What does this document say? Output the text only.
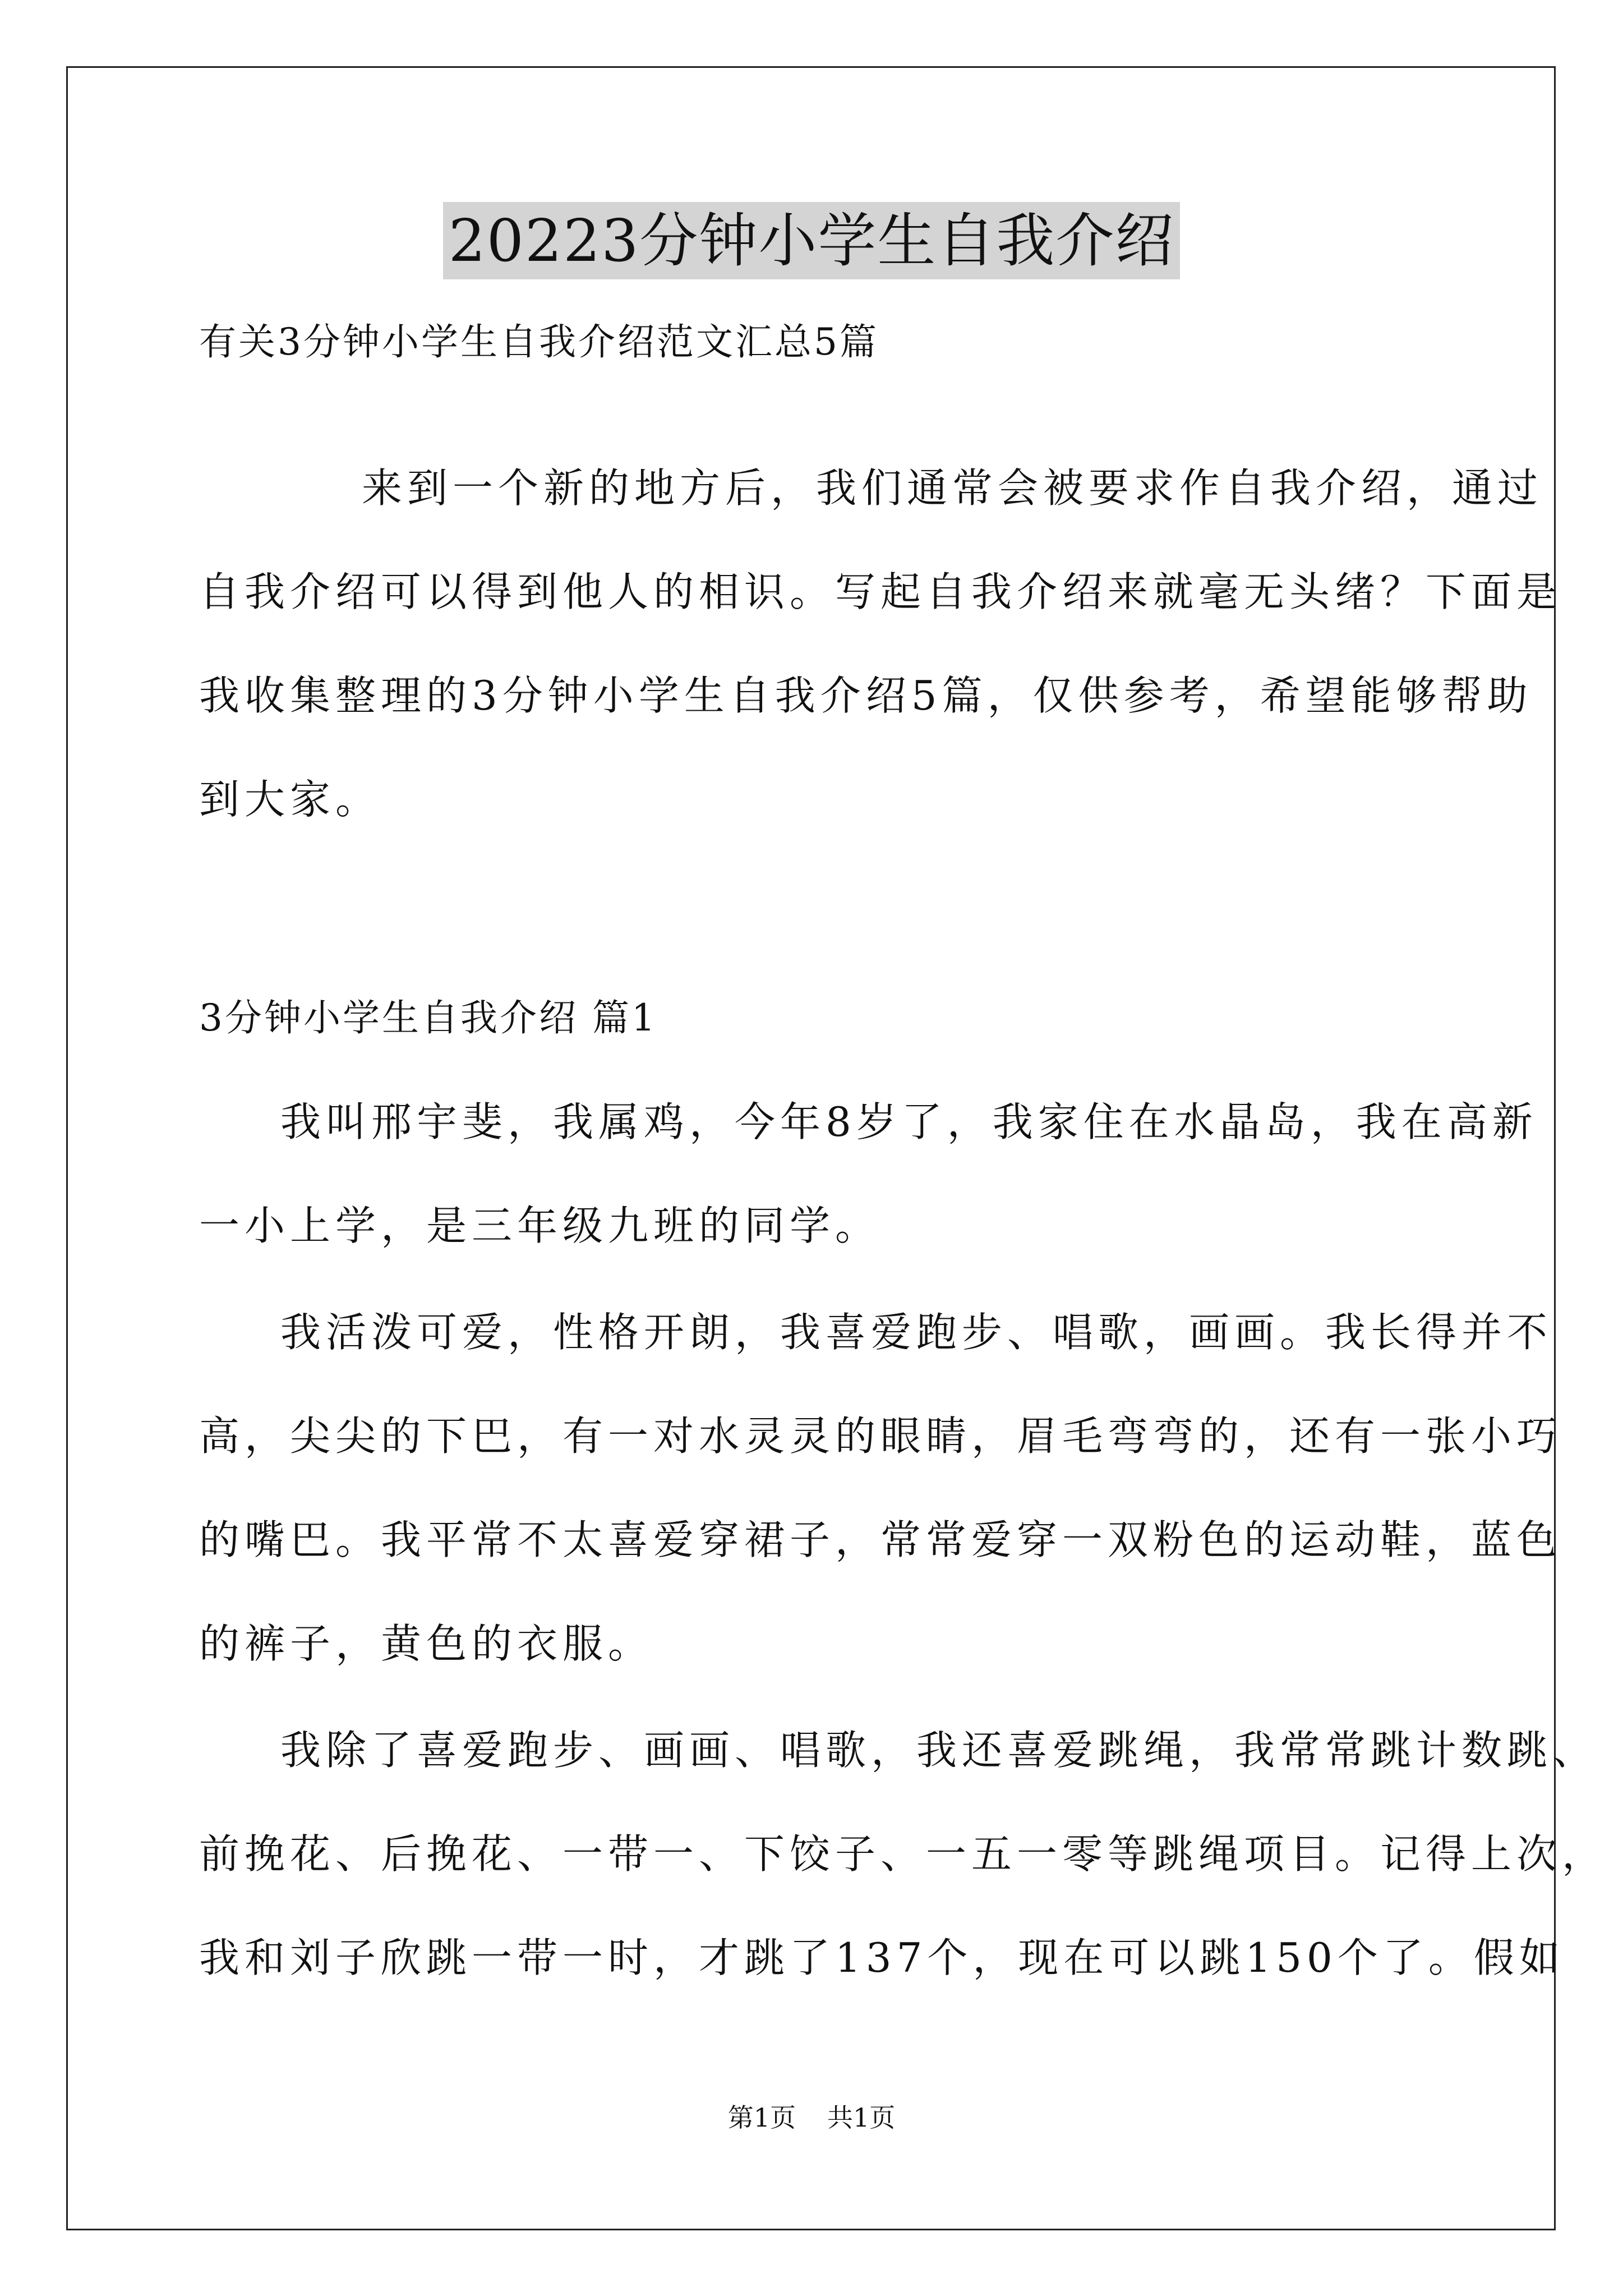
20223分钟小学生自我介绍
有关3分钟小学生自我介绍范文汇总5篇
来到一个新的地方后，我们通常会被要求作自我介绍，通过
自我介绍可以得到他人的相识。写起自我介绍来就毫无头绪？下面是
我收集整理的3分钟小学生自我介绍5篇，仅供参考，希望能够帮助
到大家。
3分钟小学生自我介绍 篇1
我叫邢宇斐，我属鸡，今年8岁了，我家住在水晶岛，我在高新
一小上学，是三年级九班的同学。
我活泼可爱，性格开朗，我喜爱跑步、唱歌，画画。我长得并不
高，尖尖的下巴，有一对水灵灵的眼睛，眉毛弯弯的，还有一张小巧
的嘴巴。我平常不太喜爱穿裙子，常常爱穿一双粉色的运动鞋，蓝色
的裤子，黄色的衣服。
我除了喜爱跑步、画画、唱歌，我还喜爱跳绳，我常常跳计数跳、
前挽花、后挽花、一带一、下饺子、一五一零等跳绳项目。记得上次，
我和刘子欣跳一带一时，才跳了137个，现在可以跳150个了。假如
第1页 共1页
